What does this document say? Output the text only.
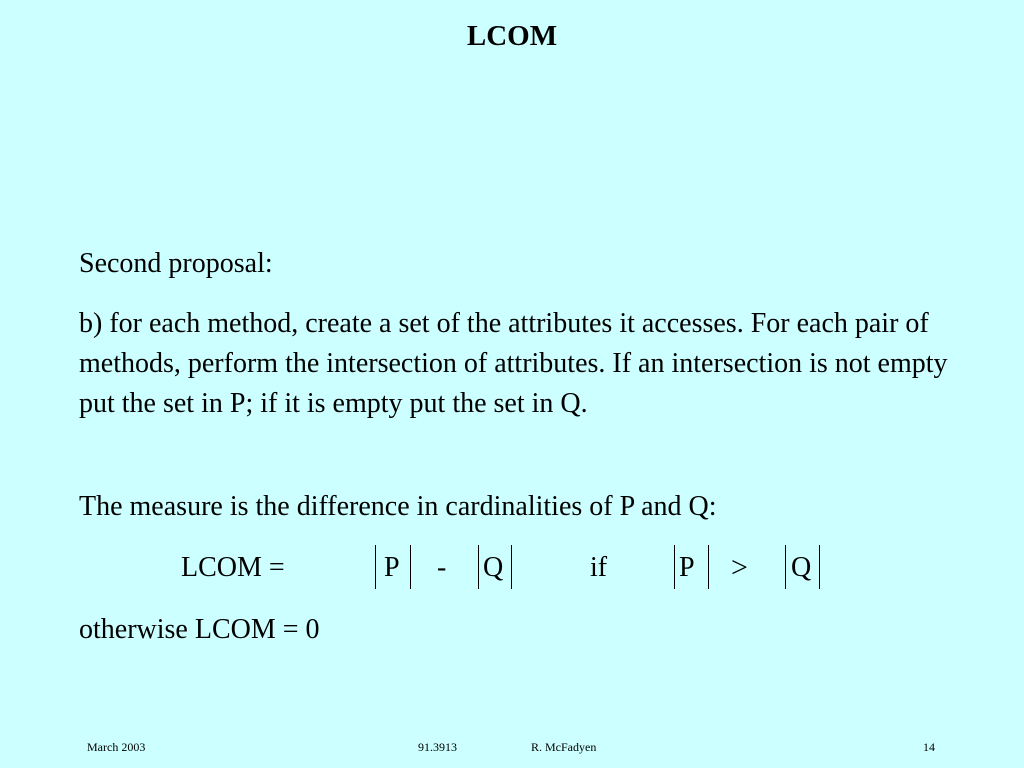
LCOM
Second proposal:
b) for each method, create a set of the attributes it accesses. For each pair of methods, perform the intersection of attributes. If an intersection is not empty put the set in P; if it is empty put the set in Q.
The measure is the difference in cardinalities of P and Q:
LCOM =	P - Q	if	P > Q
otherwise LCOM = 0
March 2003	91.3913	R. McFadyen	14
